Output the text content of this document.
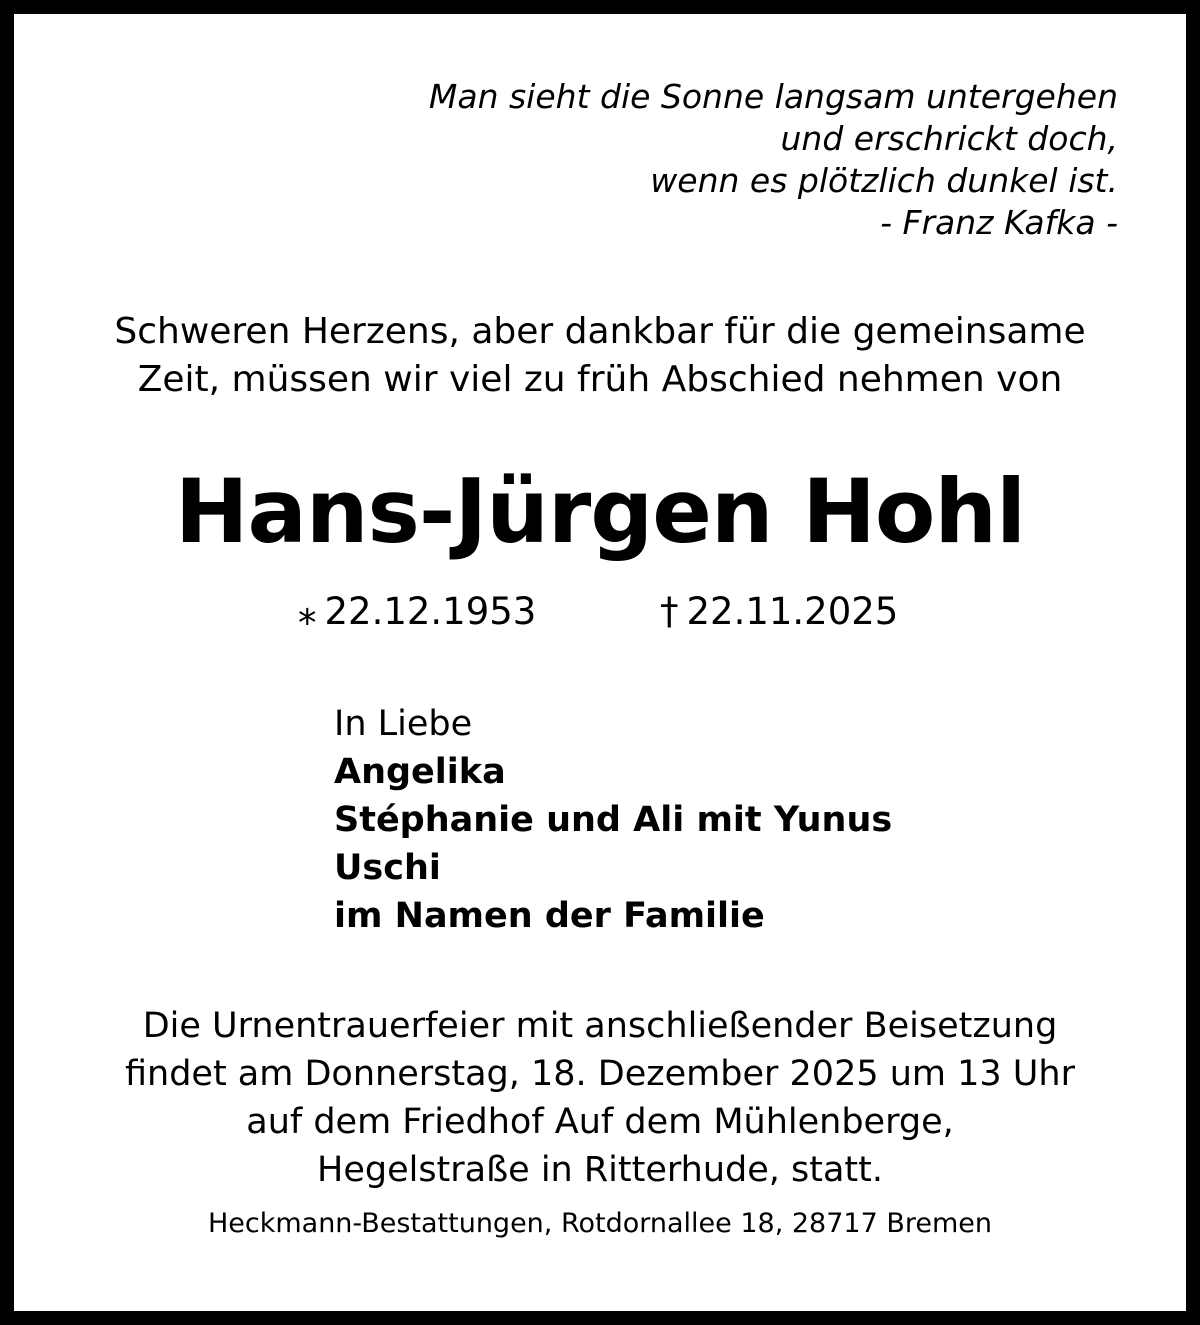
Man sieht die Sonne langsam untergehen
und erschrickt doch,
wenn es plötzlich dunkel ist.
- Franz Kafka -
Schweren Herzens, aber dankbar für die gemeinsame
Zeit, müssen wir viel zu früh Abschied nehmen von
Hans-Jürgen Hohl
⁎ 22.12.1953	† 22.11.2025
In Liebe
Angelika
Stéphanie und Ali mit Yunus
Uschi
im Namen der Familie
Die Urnentrauerfeier mit anschließender Beisetzung
findet am Donnerstag, 18. Dezember 2025 um 13 Uhr
auf dem Friedhof Auf dem Mühlenberge,
Hegelstraße in Ritterhude, statt.
Heckmann-Bestattungen, Rotdornallee 18, 28717 Bremen
